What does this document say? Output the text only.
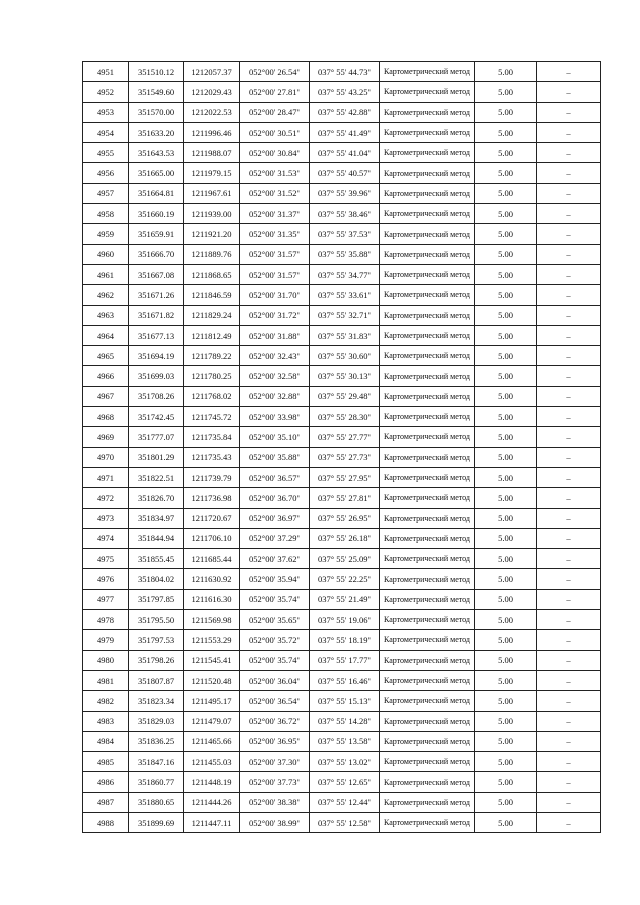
4951	351510.12	1212057.37	052°00' 26.54"	037° 55' 44.73"	Картометрический метод	5.00	–
4952	351549.60	1212029.43	052°00' 27.81"	037° 55' 43.25"	Картометрический метод	5.00	–
4953	351570.00	1212022.53	052°00' 28.47"	037° 55' 42.88"	Картометрический метод	5.00	–
4954	351633.20	1211996.46	052°00' 30.51"	037° 55' 41.49"	Картометрический метод	5.00	–
4955	351643.53	1211988.07	052°00' 30.84"	037° 55' 41.04"	Картометрический метод	5.00	–
4956	351665.00	1211979.15	052°00' 31.53"	037° 55' 40.57"	Картометрический метод	5.00	–
4957	351664.81	1211967.61	052°00' 31.52"	037° 55' 39.96"	Картометрический метод	5.00	–
4958	351660.19	1211939.00	052°00' 31.37"	037° 55' 38.46"	Картометрический метод	5.00	–
4959	351659.91	1211921.20	052°00' 31.35"	037° 55' 37.53"	Картометрический метод	5.00	–
4960	351666.70	1211889.76	052°00' 31.57"	037° 55' 35.88"	Картометрический метод	5.00	–
4961	351667.08	1211868.65	052°00' 31.57"	037° 55' 34.77"	Картометрический метод	5.00	–
4962	351671.26	1211846.59	052°00' 31.70"	037° 55' 33.61"	Картометрический метод	5.00	–
4963	351671.82	1211829.24	052°00' 31.72"	037° 55' 32.71"	Картометрический метод	5.00	–
4964	351677.13	1211812.49	052°00' 31.88"	037° 55' 31.83"	Картометрический метод	5.00	–
4965	351694.19	1211789.22	052°00' 32.43"	037° 55' 30.60"	Картометрический метод	5.00	–
4966	351699.03	1211780.25	052°00' 32.58"	037° 55' 30.13"	Картометрический метод	5.00	–
4967	351708.26	1211768.02	052°00' 32.88"	037° 55' 29.48"	Картометрический метод	5.00	–
4968	351742.45	1211745.72	052°00' 33.98"	037° 55' 28.30"	Картометрический метод	5.00	–
4969	351777.07	1211735.84	052°00' 35.10"	037° 55' 27.77"	Картометрический метод	5.00	–
4970	351801.29	1211735.43	052°00' 35.88"	037° 55' 27.73"	Картометрический метод	5.00	–
4971	351822.51	1211739.79	052°00' 36.57"	037° 55' 27.95"	Картометрический метод	5.00	–
4972	351826.70	1211736.98	052°00' 36.70"	037° 55' 27.81"	Картометрический метод	5.00	–
4973	351834.97	1211720.67	052°00' 36.97"	037° 55' 26.95"	Картометрический метод	5.00	–
4974	351844.94	1211706.10	052°00' 37.29"	037° 55' 26.18"	Картометрический метод	5.00	–
4975	351855.45	1211685.44	052°00' 37.62"	037° 55' 25.09"	Картометрический метод	5.00	–
4976	351804.02	1211630.92	052°00' 35.94"	037° 55' 22.25"	Картометрический метод	5.00	–
4977	351797.85	1211616.30	052°00' 35.74"	037° 55' 21.49"	Картометрический метод	5.00	–
4978	351795.50	1211569.98	052°00' 35.65"	037° 55' 19.06"	Картометрический метод	5.00	–
4979	351797.53	1211553.29	052°00' 35.72"	037° 55' 18.19"	Картометрический метод	5.00	–
4980	351798.26	1211545.41	052°00' 35.74"	037° 55' 17.77"	Картометрический метод	5.00	–
4981	351807.87	1211520.48	052°00' 36.04"	037° 55' 16.46"	Картометрический метод	5.00	–
4982	351823.34	1211495.17	052°00' 36.54"	037° 55' 15.13"	Картометрический метод	5.00	–
4983	351829.03	1211479.07	052°00' 36.72"	037° 55' 14.28"	Картометрический метод	5.00	–
4984	351836.25	1211465.66	052°00' 36.95"	037° 55' 13.58"	Картометрический метод	5.00	–
4985	351847.16	1211455.03	052°00' 37.30"	037° 55' 13.02"	Картометрический метод	5.00	–
4986	351860.77	1211448.19	052°00' 37.73"	037° 55' 12.65"	Картометрический метод	5.00	–
4987	351880.65	1211444.26	052°00' 38.38"	037° 55' 12.44"	Картометрический метод	5.00	–
4988	351899.69	1211447.11	052°00' 38.99"	037° 55' 12.58"	Картометрический метод	5.00	–
